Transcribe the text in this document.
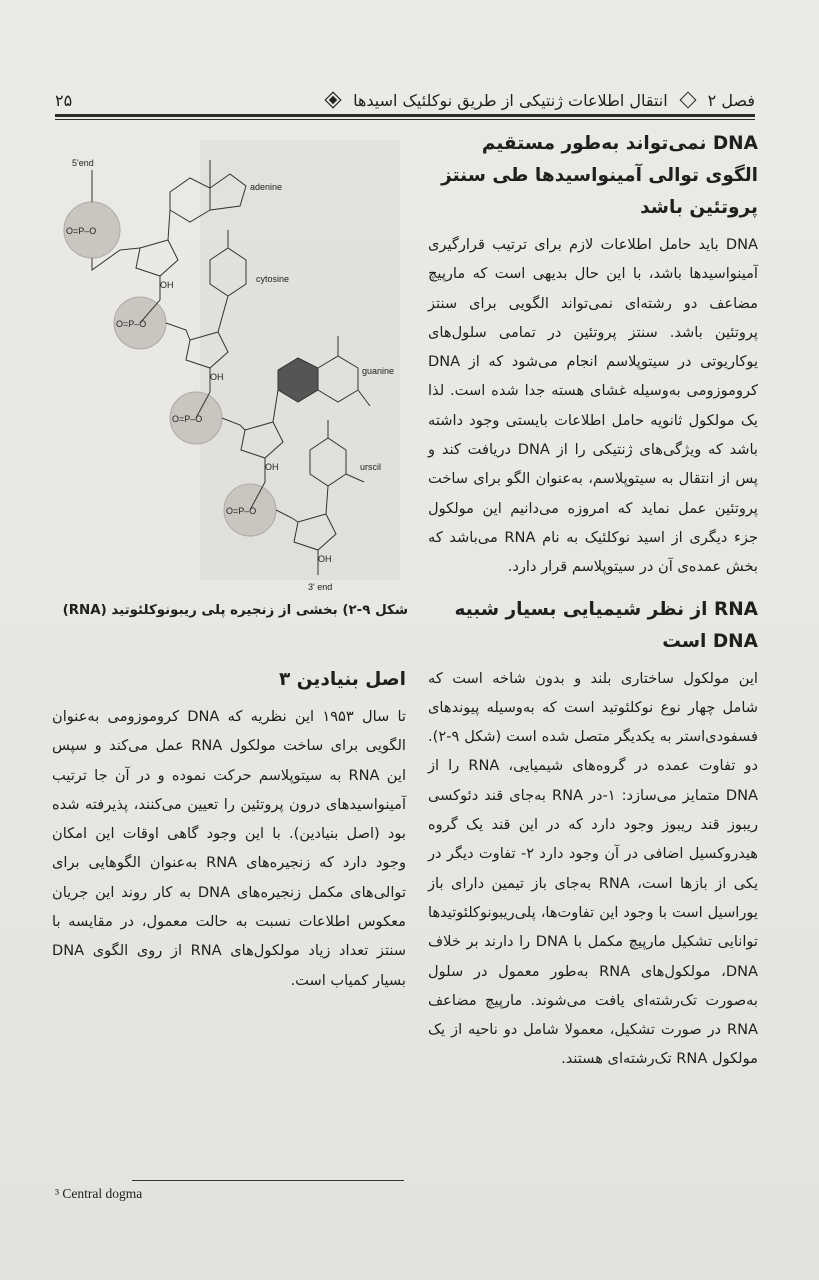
فصل ۲
انتقال اطلاعات ژنتیکی از طریق نوکلئیک اسیدها
۲۵
DNA نمی‌تواند به‌طور مستقیم الگوی توالی آمینواسیدها طی سنتز پروتئین باشد

DNA باید حامل اطلاعات لازم برای ترتیب قرارگیری آمینواسیدها باشد، با این حال بدیهی است که مارپیچ مضاعف دو رشته‌ای نمی‌تواند الگویی برای سنتز پروتئین باشد. سنتز پروتئین در تمامی سلول‌های یوکاریوتی در سیتوپلاسم انجام می‌شود که از DNA کروموزومی به‌وسیله غشای هسته جدا شده است. لذا یک مولکول ثانویه حامل اطلاعات بایستی وجود داشته باشد که ویژگی‌های ژنتیکی را از DNA دریافت کند و پس از انتقال به سیتوپلاسم، به‌عنوان الگو برای ساخت پروتئین عمل نماید که امروزه می‌دانیم این مولکول جزء دیگری از اسید نوکلئیک به نام RNA می‌باشد که بخش عمده‌ی آن در سیتوپلاسم قرار دارد.

RNA از نظر شیمیایی بسیار شبیه DNA است

این مولکول ساختاری بلند و بدون شاخه است که شامل چهار نوع نوکلئوتید است که به‌وسیله پیوندهای فسفودی‌استر به یکدیگر متصل شده است (شکل ۹-۲). دو تفاوت عمده در گروه‌های شیمیایی، RNA را از DNA متمایز می‌سازد: ۱-در RNA به‌جای قند دئوکسی ریبوز قند ریبوز وجود دارد که در این قند یک گروه هیدروکسیل اضافی در آن وجود دارد ۲- تفاوت دیگر در یکی از بازها است، RNA به‌جای باز تیمین دارای باز یوراسیل است با وجود این تفاوت‌ها، پلی‌ریبونوکلئوتیدها توانایی تشکیل مارپیچ مکمل با DNA را دارند بر خلاف DNA، مولکول‌های RNA به‌طور معمول در سلول به‌صورت تک‌رشته‌ای یافت می‌شوند. مارپیچ مضاعف RNA در صورت تشکیل، معمولا شامل دو ناحیه از یک مولکول RNA تک‌رشته‌ای هستند.

5'end
adenine
cytosine
guanine
urscil
3' end
O=P–O
O=P–O
O=P–O
O=P–O
OH
OH
OH
OH
شکل ۹-۲) بخشی از زنجیره پلی ریبونوکلئوتید (RNA)
اصل بنیادین ۳

تا سال ۱۹۵۳ این نظریه که DNA کروموزومی به‌عنوان الگویی برای ساخت مولکول RNA عمل می‌کند و سپس این RNA به سیتوپلاسم حرکت نموده و در آن جا ترتیب آمینواسیدهای درون پروتئین را تعیین می‌کنند، پذیرفته شده بود (اصل بنیادین). با این وجود گاهی اوقات این امکان وجود دارد که زنجیره‌های RNA به‌عنوان الگوهایی برای توالی‌های مکمل زنجیره‌های DNA به کار روند این جریان معکوس اطلاعات نسبت به حالت معمول، در مقایسه با سنتز تعداد زیاد مولکول‌های RNA از روی الگوی DNA بسیار کمیاب است.

³ Central dogma
